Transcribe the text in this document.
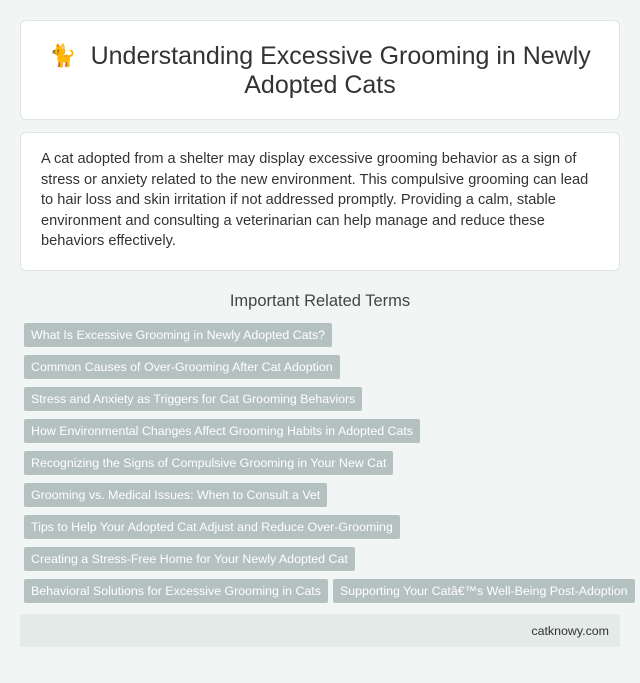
🐈 Understanding Excessive Grooming in Newly Adopted Cats

A cat adopted from a shelter may display excessive grooming behavior as a sign of stress or anxiety related to the new environment. This compulsive grooming can lead to hair loss and skin irritation if not addressed promptly. Providing a calm, stable environment and consulting a veterinarian can help manage and reduce these behaviors effectively.

Important Related Terms
What Is Excessive Grooming in Newly Adopted Cats?
Common Causes of Over-Grooming After Cat Adoption
Stress and Anxiety as Triggers for Cat Grooming Behaviors
How Environmental Changes Affect Grooming Habits in Adopted Cats
Recognizing the Signs of Compulsive Grooming in Your New Cat
Grooming vs. Medical Issues: When to Consult a Vet
Tips to Help Your Adopted Cat Adjust and Reduce Over-Grooming
Creating a Stress-Free Home for Your Newly Adopted Cat
Behavioral Solutions for Excessive Grooming in Cats	Supporting Your Catâ€™s Well-Being Post-Adoption
catknowy.com
